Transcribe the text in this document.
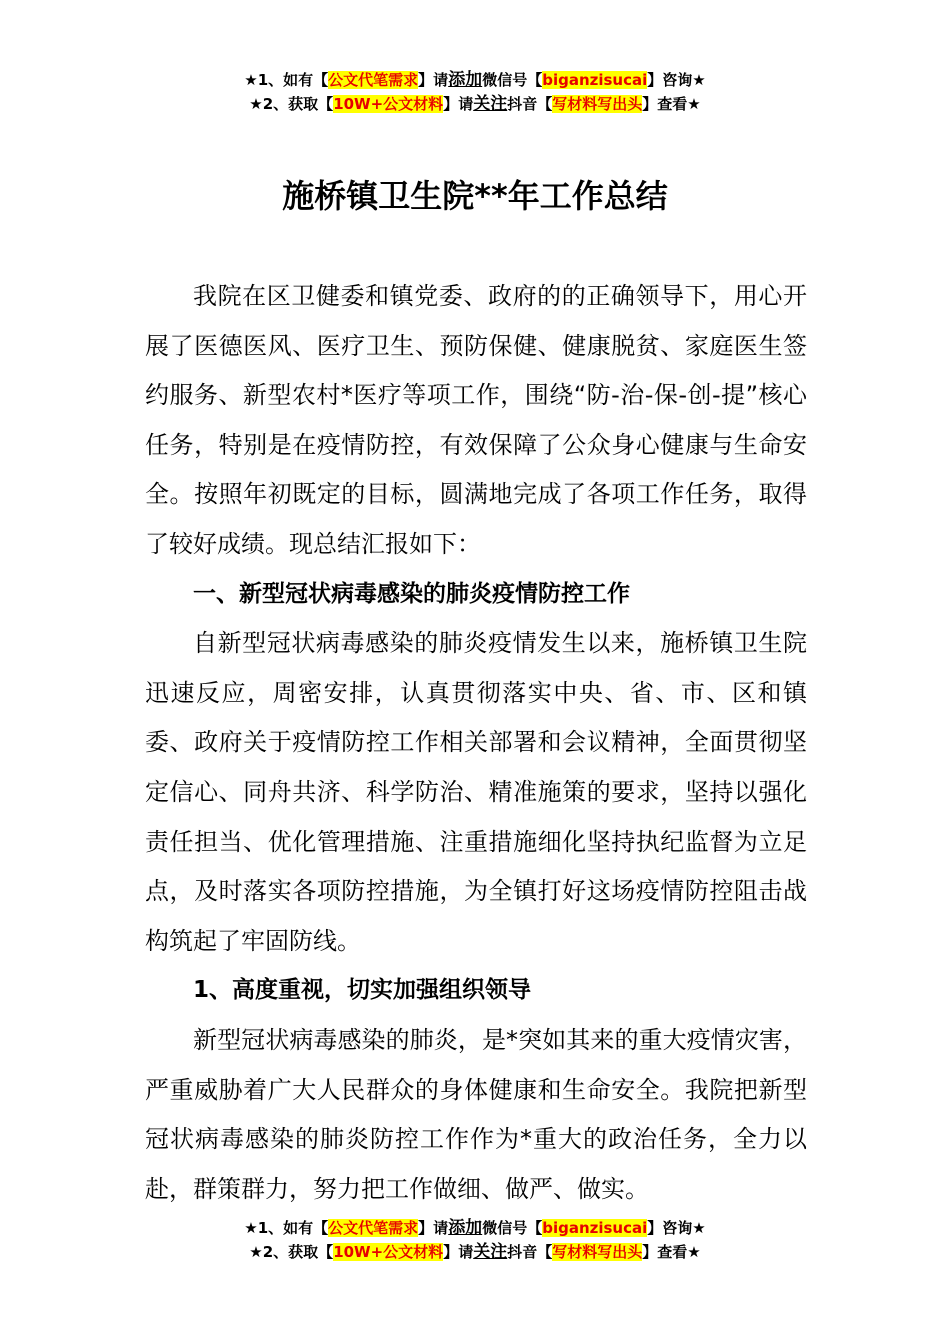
★1、如有【公文代笔需求】请添加微信号【biganzisucai】咨询★
★2、获取【10W+公文材料】请关注抖音【写材料写出头】查看★
施桥镇卫生院**年工作总结

我院在区卫健委和镇党委、政府的的正确领导下，用心开展了医德医风、医疗卫生、预防保健、健康脱贫、家庭医生签约服务、新型农村*医疗等项工作，围绕“防-治-保-创-提”核心任务，特别是在疫情防控，有效保障了公众身心健康与生命安全。按照年初既定的目标，圆满地完成了各项工作任务，取得了较好成绩。现总结汇报如下：

一、新型冠状病毒感染的肺炎疫情防控工作

自新型冠状病毒感染的肺炎疫情发生以来，施桥镇卫生院迅速反应，周密安排，认真贯彻落实中央、省、市、区和镇委、政府关于疫情防控工作相关部署和会议精神，全面贯彻坚定信心、同舟共济、科学防治、精准施策的要求，坚持以强化责任担当、优化管理措施、注重措施细化坚持执纪监督为立足点，及时落实各项防控措施，为全镇打好这场疫情防控阻击战构筑起了牢固防线。

1、高度重视，切实加强组织领导

新型冠状病毒感染的肺炎，是*突如其来的重大疫情灾害，严重威胁着广大人民群众的身体健康和生命安全。我院把新型冠状病毒感染的肺炎防控工作作为*重大的政治任务，全力以赴，群策群力，努力把工作做细、做严、做实。

★1、如有【公文代笔需求】请添加微信号【biganzisucai】咨询★
★2、获取【10W+公文材料】请关注抖音【写材料写出头】查看★
